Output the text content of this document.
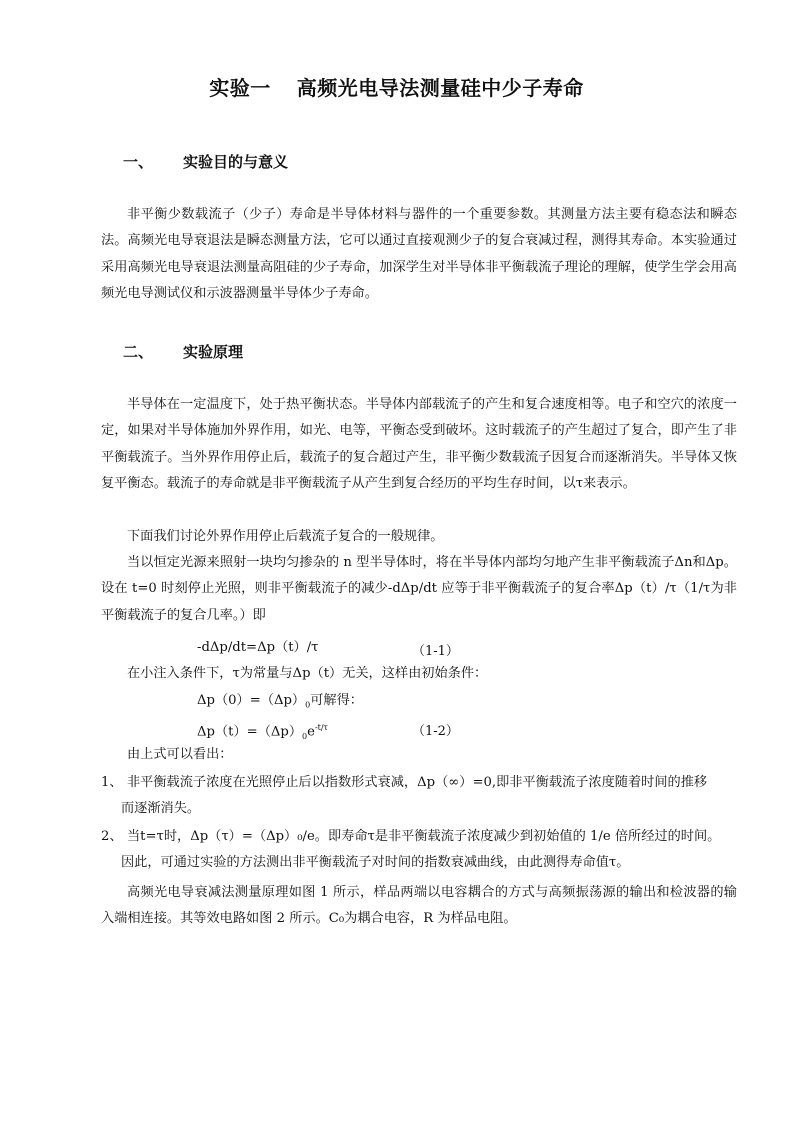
实验一 高频光电导法测量硅中少子寿命
一、 实验目的与意义
非平衡少数载流子（少子）寿命是半导体材料与器件的一个重要参数。其测量方法主要有稳态法和瞬态法。高频光电导衰退法是瞬态测量方法，它可以通过直接观测少子的复合衰减过程，测得其寿命。本实验通过采用高频光电导衰退法测量高阻硅的少子寿命，加深学生对半导体非平衡载流子理论的理解，使学生学会用高频光电导测试仪和示波器测量半导体少子寿命。
二、 实验原理
半导体在一定温度下，处于热平衡状态。半导体内部载流子的产生和复合速度相等。电子和空穴的浓度一定，如果对半导体施加外界作用，如光、电等，平衡态受到破坏。这时载流子的产生超过了复合，即产生了非平衡载流子。当外界作用停止后，载流子的复合超过产生，非平衡少数载流子因复合而逐渐消失。半导体又恢复平衡态。载流子的寿命就是非平衡载流子从产生到复合经历的平均生存时间，以τ来表示。
下面我们讨论外界作用停止后载流子复合的一般规律。
当以恒定光源来照射一块均匀掺杂的 n 型半导体时，将在半导体内部均匀地产生非平衡载流子Δn和Δp。设在 t=0 时刻停止光照，则非平衡载流子的减少-dΔp/dt 应等于非平衡载流子的复合率Δp（t）/τ（1/τ为非平衡载流子的复合几率。）即
-dΔp/dt=Δp（t）/τ	（1-1）
在小注入条件下，τ为常量与Δp（t）无关，这样由初始条件：
$\Delta p(0)=(\Delta p)_0$可解得：
$\Delta p(t)=(\Delta p)_0e^{-t/\tau}$	（1-2）
由上式可以看出：
1、 非平衡载流子浓度在光照停止后以指数形式衰减，Δp（∞）=0,即非平衡载流子浓度随着时间的推移
而逐渐消失。
2、 当t=τ时，Δp（τ）=（Δp）₀/e。即寿命τ是非平衡载流子浓度减少到初始值的 1/e 倍所经过的时间。
因此，可通过实验的方法测出非平衡载流子对时间的指数衰减曲线，由此测得寿命值τ。
高频光电导衰减法测量原理如图 1 所示，样品两端以电容耦合的方式与高频振荡源的输出和检波器的输入端相连接。其等效电路如图 2 所示。C₀为耦合电容，R 为样品电阻。
